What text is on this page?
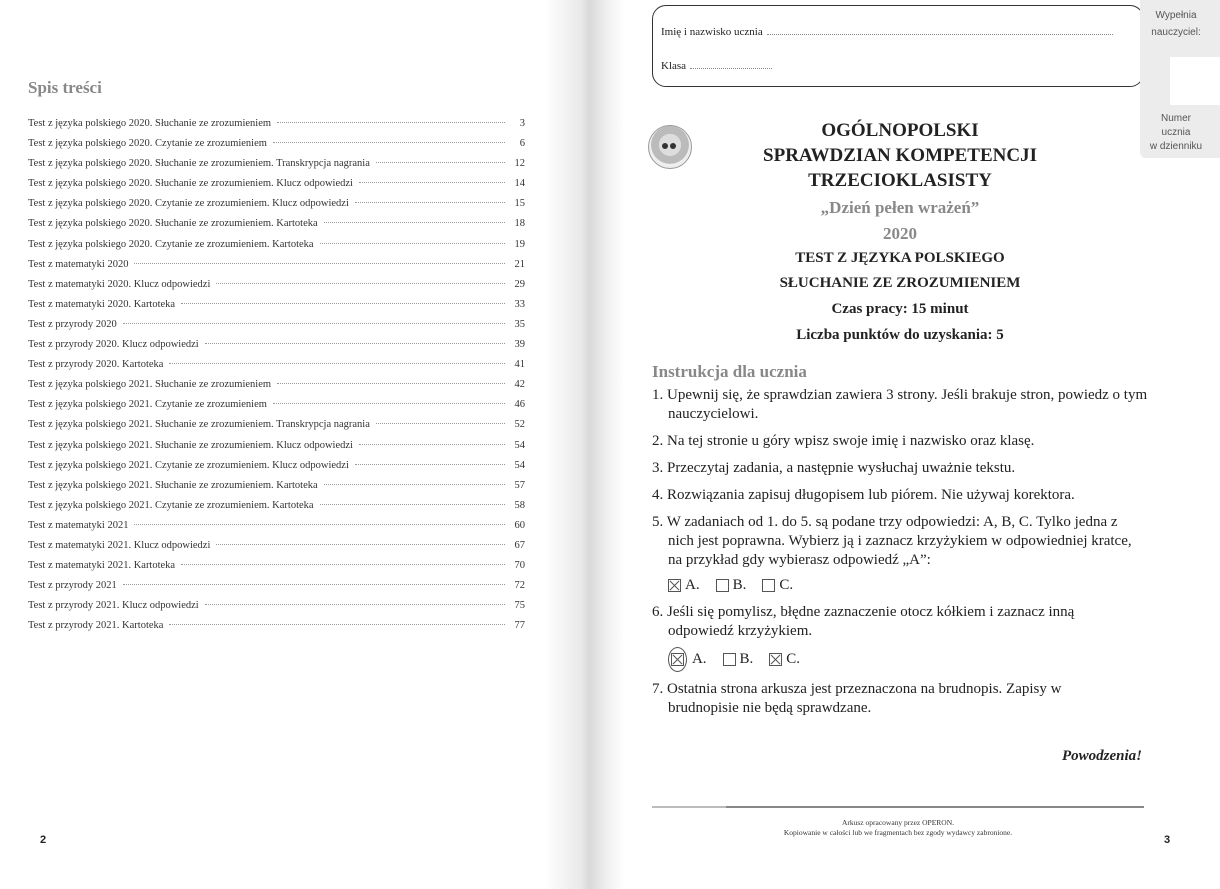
Spis treści
Test z języka polskiego 2020. Słuchanie ze zrozumieniem	3
Test z języka polskiego 2020. Czytanie ze zrozumieniem	6
Test z języka polskiego 2020. Słuchanie ze zrozumieniem. Transkrypcja nagrania	12
Test z języka polskiego 2020. Słuchanie ze zrozumieniem. Klucz odpowiedzi	14
Test z języka polskiego 2020. Czytanie ze zrozumieniem. Klucz odpowiedzi	15
Test z języka polskiego 2020. Słuchanie ze zrozumieniem. Kartoteka	18
Test z języka polskiego 2020. Czytanie ze zrozumieniem. Kartoteka	19
Test z matematyki 2020	21
Test z matematyki 2020. Klucz odpowiedzi	29
Test z matematyki 2020. Kartoteka	33
Test z przyrody 2020	35
Test z przyrody 2020. Klucz odpowiedzi	39
Test z przyrody 2020. Kartoteka	41
Test z języka polskiego 2021. Słuchanie ze zrozumieniem	42
Test z języka polskiego 2021. Czytanie ze zrozumieniem	46
Test z języka polskiego 2021. Słuchanie ze zrozumieniem. Transkrypcja nagrania	52
Test z języka polskiego 2021. Słuchanie ze zrozumieniem. Klucz odpowiedzi	54
Test z języka polskiego 2021. Czytanie ze zrozumieniem. Klucz odpowiedzi	54
Test z języka polskiego 2021. Słuchanie ze zrozumieniem. Kartoteka	57
Test z języka polskiego 2021. Czytanie ze zrozumieniem. Kartoteka	58
Test z matematyki 2021	60
Test z matematyki 2021. Klucz odpowiedzi	67
Test z matematyki 2021. Kartoteka	70
Test z przyrody 2021	72
Test z przyrody 2021. Klucz odpowiedzi	75
Test z przyrody 2021. Kartoteka	77
2
Imię i nazwisko ucznia
Klasa
Wypełnia
nauczyciel:
Numer
ucznia
w dzienniku
OGÓLNOPOLSKI
SPRAWDZIAN KOMPETENCJI
TRZECIOKLASISTY
„Dzień pełen wrażeń”
2020
TEST Z JĘZYKA POLSKIEGO
SŁUCHANIE ZE ZROZUMIENIEM
Czas pracy: 15 minut
Liczba punktów do uzyskania: 5
Instrukcja dla ucznia
1. Upewnij się, że sprawdzian zawiera 3 strony. Jeśli brakuje stron, powiedz o tym nauczycielowi.
2. Na tej stronie u góry wpisz swoje imię i nazwisko oraz klasę.
3. Przeczytaj zadania, a następnie wysłuchaj uważnie tekstu.
4. Rozwiązania zapisuj długopisem lub piórem. Nie używaj korektora.
5. W zadaniach od 1. do 5. są podane trzy odpowiedzi: A, B, C. Tylko jedna z nich jest poprawna. Wybierz ją i zaznacz krzyżykiem w odpowiedniej kratce, na przykład gdy wybierasz odpowiedź „A”:
A.	B.	C.
6. Jeśli się pomylisz, błędne zaznaczenie otocz kółkiem i zaznacz inną odpowiedź krzyżykiem.
A.	B.	C.
7. Ostatnia strona arkusza jest przeznaczona na brudnopis. Zapisy w brudnopisie nie będą sprawdzane.
Powodzenia!
Arkusz opracowany przez OPERON.
Kopiowanie w całości lub we fragmentach bez zgody wydawcy zabronione.
3
